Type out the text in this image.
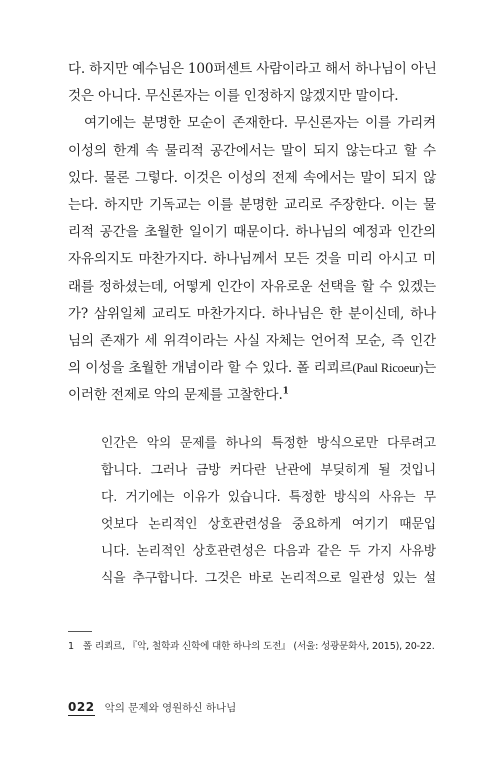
다. 하지만 예수님은 100퍼센트 사람이라고 해서 하나님이 아닌
것은 아니다. 무신론자는 이를 인정하지 않겠지만 말이다.
여기에는 분명한 모순이 존재한다. 무신론자는 이를 가리켜
이성의 한계 속 물리적 공간에서는 말이 되지 않는다고 할 수
있다. 물론 그렇다. 이것은 이성의 전제 속에서는 말이 되지 않
는다. 하지만 기독교는 이를 분명한 교리로 주장한다. 이는 물
리적 공간을 초월한 일이기 때문이다. 하나님의 예정과 인간의
자유의지도 마찬가지다. 하나님께서 모든 것을 미리 아시고 미
래를 정하셨는데, 어떻게 인간이 자유로운 선택을 할 수 있겠는
가? 삼위일체 교리도 마찬가지다. 하나님은 한 분이신데, 하나
님의 존재가 세 위격이라는 사실 자체는 언어적 모순, 즉 인간
의 이성을 초월한 개념이라 할 수 있다. 폴 리쾨르(Paul Ricoeur)는
이러한 전제로 악의 문제를 고찰한다.$^1$
인간은 악의 문제를 하나의 특정한 방식으로만 다루려고
합니다. 그러나 금방 커다란 난관에 부딪히게 될 것입니
다. 거기에는 이유가 있습니다. 특정한 방식의 사유는 무
엇보다 논리적인 상호관련성을 중요하게 여기기 때문입
니다. 논리적인 상호관련성은 다음과 같은 두 가지 사유방
식을 추구합니다. 그것은 바로 논리적으로 일관성 있는 설
1 폴 리쾨르, 『악, 철학과 신학에 대한 하나의 도전』 (서울: 성광문화사, 2015), 20-22.
022 악의 문제와 영원하신 하나님
